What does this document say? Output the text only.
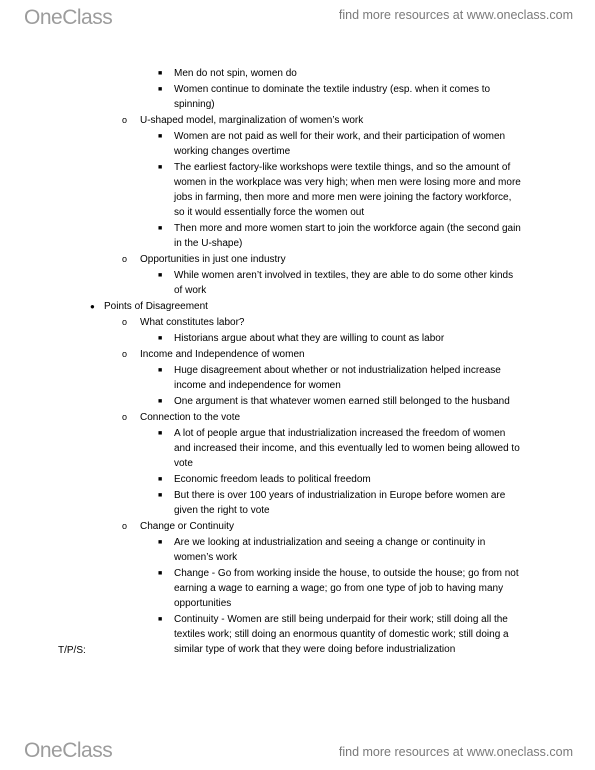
OneClass	find more resources at www.oneclass.com
■ Men do not spin, women do
■ Women continue to dominate the textile industry (esp. when it comes to spinning)
o U-shaped model, marginalization of women’s work
■ Women are not paid as well for their work, and their participation of women working changes overtime
■ The earliest factory-like workshops were textile things, and so the amount of women in the workplace was very high; when men were losing more and more jobs in farming, then more and more men were joining the factory workforce, so it would essentially force the women out
■ Then more and more women start to join the workforce again (the second gain in the U-shape)
o Opportunities in just one industry
■ While women aren’t involved in textiles, they are able to do some other kinds of work
● Points of Disagreement
o What constitutes labor?
■ Historians argue about what they are willing to count as labor
o Income and Independence of women
■ Huge disagreement about whether or not industrialization helped increase income and independence for women
■ One argument is that whatever women earned still belonged to the husband
o Connection to the vote
■ A lot of people argue that industrialization increased the freedom of women and increased their income, and this eventually led to women being allowed to vote
■ Economic freedom leads to political freedom
■ But there is over 100 years of industrialization in Europe before women are given the right to vote
o Change or Continuity
■ Are we looking at industrialization and seeing a change or continuity in women’s work
■ Change - Go from working inside the house, to outside the house; go from not earning a wage to earning a wage; go from one type of job to having many opportunities
■ Continuity - Women are still being underpaid for their work; still doing all the textiles work; still doing an enormous quantity of domestic work; still doing a similar type of work that they were doing before industrialization
T/P/S:
OneClass	find more resources at www.oneclass.com
